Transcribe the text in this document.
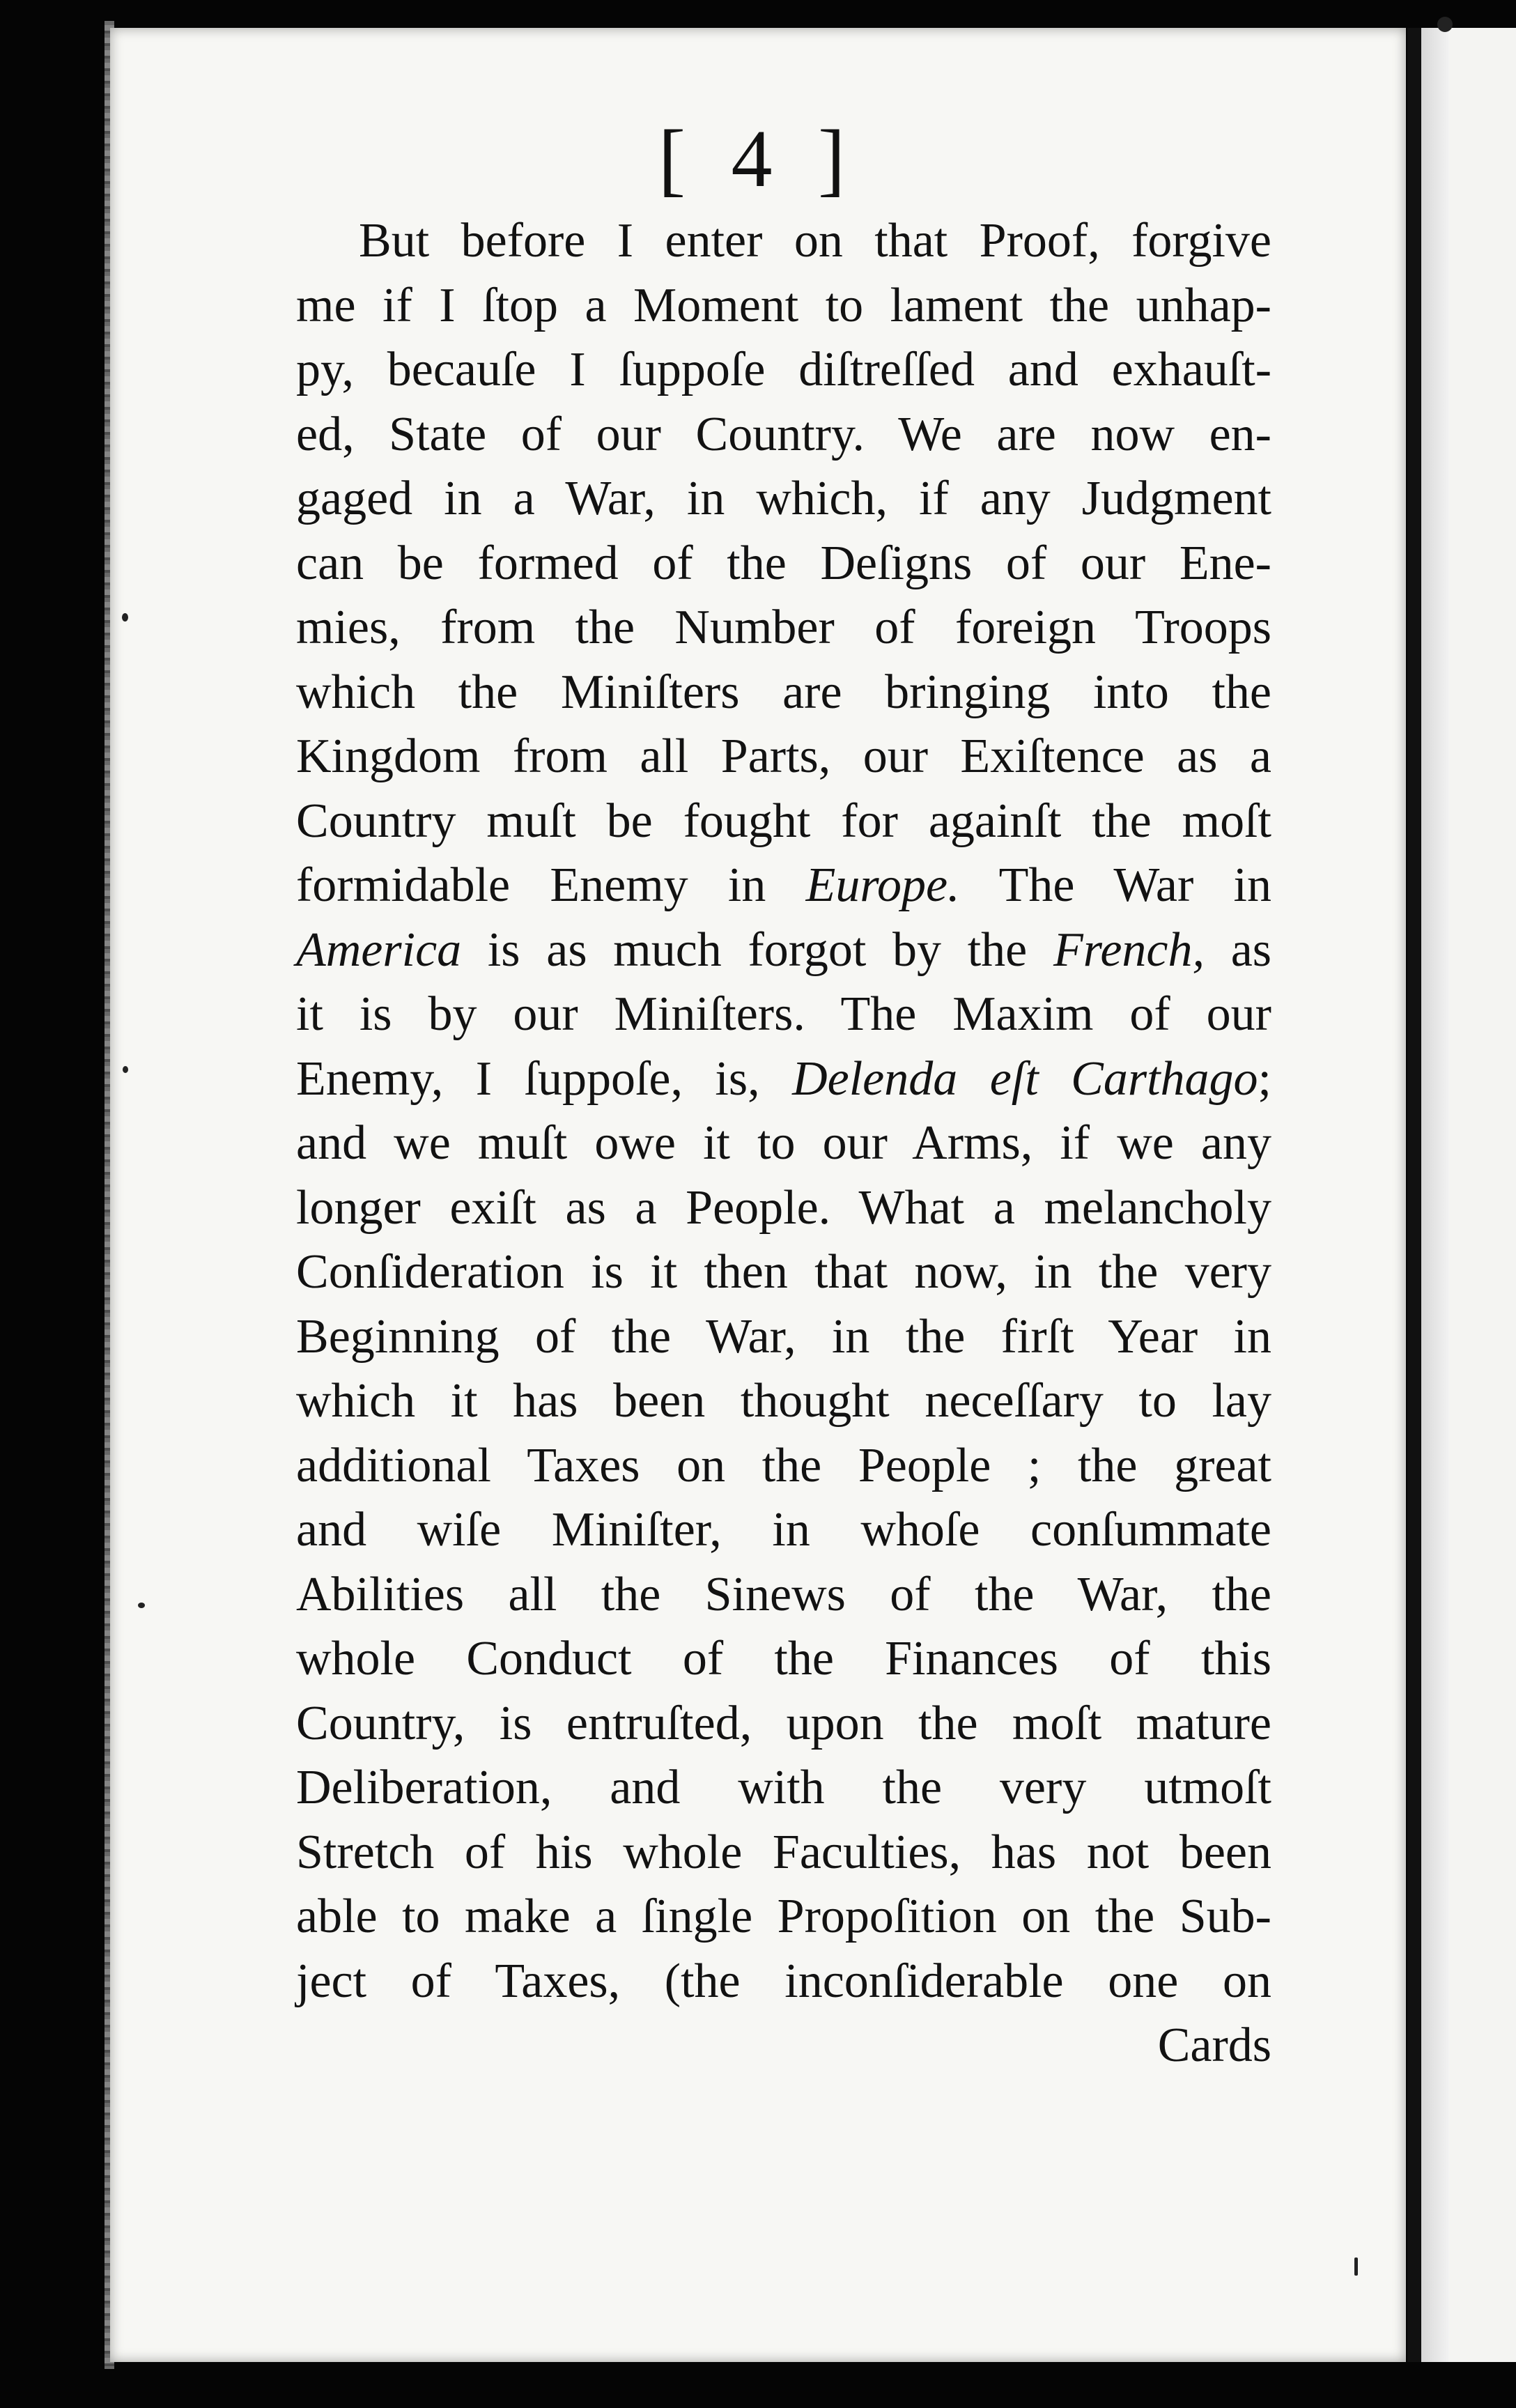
[ 4 ]
But before I enter on that Proof, forgive
me if I ſtop a Moment to lament the unhap-
py, becauſe I ſuppoſe diſtreſſed and exhauſt-
ed, State of our Country. We are now en-
gaged in a War, in which, if any Judgment
can be formed of the Deſigns of our Ene-
mies, from the Number of foreign Troops
which the Miniſters are bringing into the
Kingdom from all Parts, our Exiſtence as a
Country muſt be fought for againſt the moſt
formidable Enemy in Europe. The War in
America is as much forgot by the French, as
it is by our Miniſters. The Maxim of our
Enemy, I ſuppoſe, is, Delenda eſt Carthago;
and we muſt owe it to our Arms, if we any
longer exiſt as a People. What a melancholy
Conſideration is it then that now, in the very
Beginning of the War, in the firſt Year in
which it has been thought neceſſary to lay
additional Taxes on the People ; the great
and wiſe Miniſter, in whoſe conſummate
Abilities all the Sinews of the War, the
whole Conduct of the Finances of this
Country, is entruſted, upon the moſt mature
Deliberation, and with the very utmoſt
Stretch of his whole Faculties, has not been
able to make a ſingle Propoſition on the Sub-
ject of Taxes, (the inconſiderable one on
Cards
